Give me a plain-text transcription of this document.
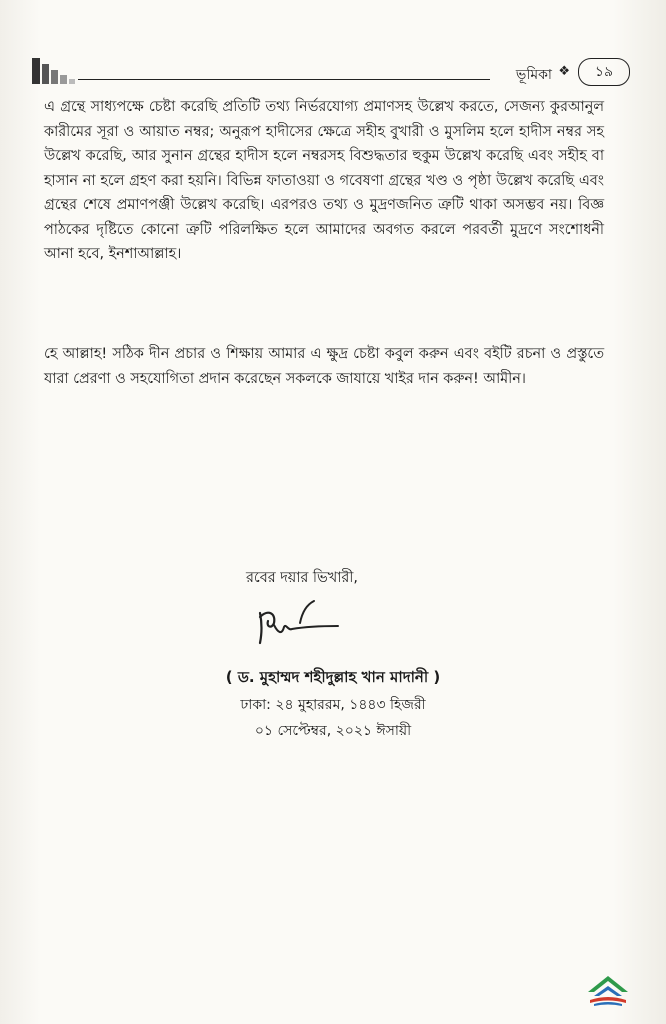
ভূমিকা ❖	১৯

এ গ্রন্থে সাধ্যপক্ষে চেষ্টা করেছি প্রতিটি তথ্য নির্ভরযোগ্য প্রমাণসহ উল্লেখ করতে, সেজন্য কুরআনুল কারীমের সূরা ও আয়াত নম্বর; অনুরূপ হাদীসের ক্ষেত্রে সহীহ বুখারী ও মুসলিম হলে হাদীস নম্বর সহ উল্লেখ করেছি, আর সুনান গ্রন্থের হাদীস হলে নম্বরসহ বিশুদ্ধতার হুকুম উল্লেখ করেছি এবং সহীহ বা হাসান না হলে গ্রহণ করা হয়নি। বিভিন্ন ফাতাওয়া ও গবেষণা গ্রন্থের খণ্ড ও পৃষ্ঠা উল্লেখ করেছি এবং গ্রন্থের শেষে প্রমাণপঞ্জী উল্লেখ করেছি। এরপরও তথ্য ও মুদ্রণজনিত ত্রুটি থাকা অসম্ভব নয়। বিজ্ঞ পাঠকের দৃষ্টিতে কোনো ত্রুটি পরিলক্ষিত হলে আমাদের অবগত করলে পরবর্তী মুদ্রণে সংশোধনী আনা হবে, ইনশাআল্লাহ।

হে আল্লাহ! সঠিক দীন প্রচার ও শিক্ষায় আমার এ ক্ষুদ্র চেষ্টা কবুল করুন এবং বইটি রচনা ও প্রস্তুতে যারা প্রেরণা ও সহযোগিতা প্রদান করেছেন সকলকে জাযায়ে খাইর দান করুন! আমীন।

রবের দয়ার ভিখারী,
( ড. মুহাম্মদ শহীদুল্লাহ খান মাদানী )
ঢাকা: ২৪ মুহাররম, ১৪৪৩ হিজরী
০১ সেপ্টেম্বর, ২০২১ ঈসায়ী
